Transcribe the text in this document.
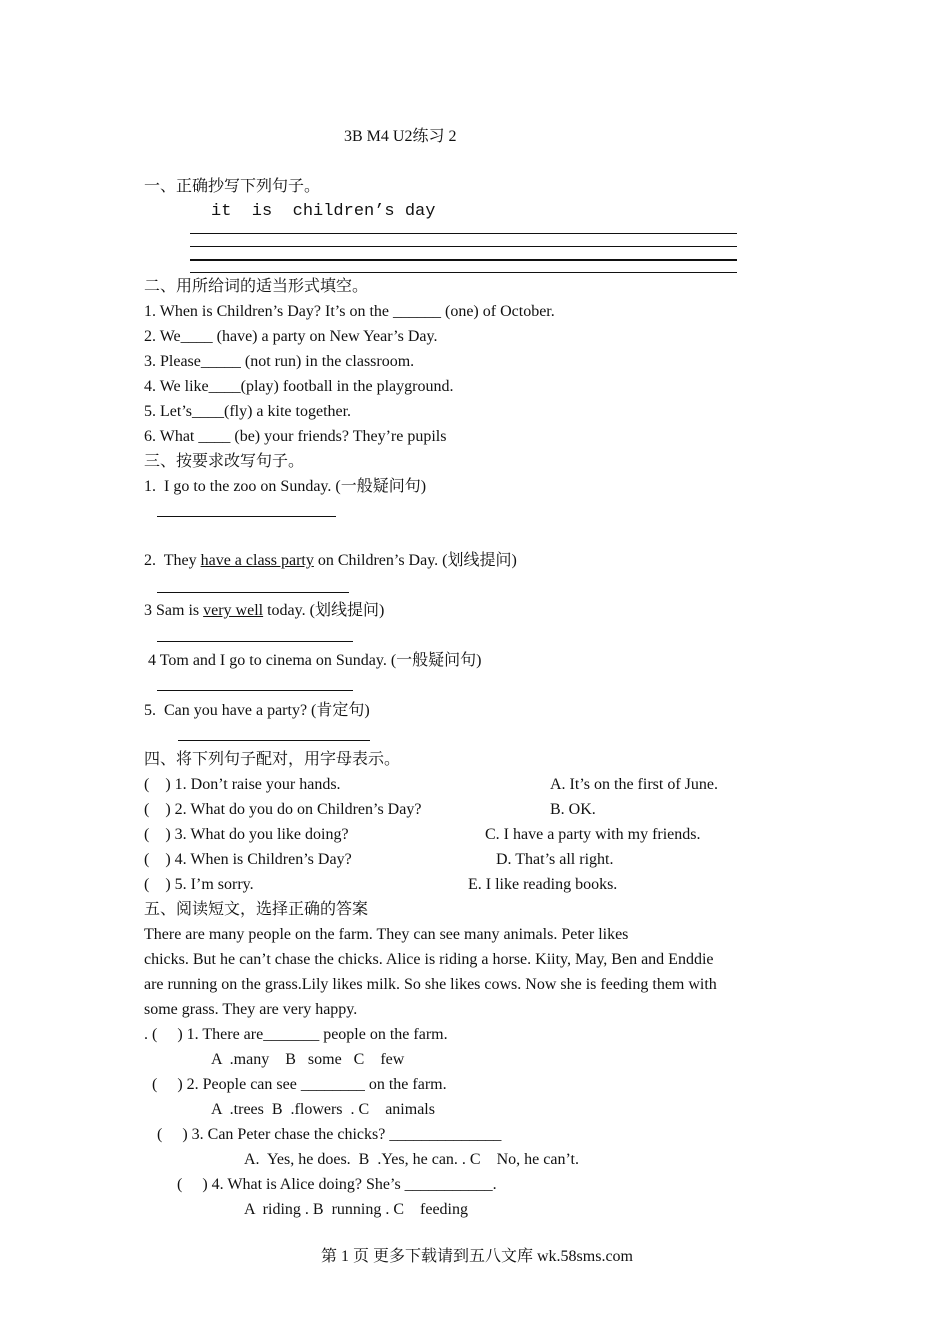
3B M4 U2练习 2
一、正确抄写下列句子。
it  is  children’s day
二、用所给词的适当形式填空。
1. When is Children’s Day? It’s on the ______ (one) of October.
2. We____ (have) a party on New Year’s Day.
3. Please_____ (not run) in the classroom.
4. We like____(play) football in the playground.
5. Let’s____(fly) a kite together.
6. What ____ (be) your friends? They’re pupils
三、按要求改写句子。
1.  I go to the zoo on Sunday. (一般疑问句)
2.  They have a class party on Children’s Day. (划线提问)
3 Sam is very well today. (划线提问)
4 Tom and I go to cinema on Sunday. (一般疑问句)
5.  Can you have a party? (肯定句)
四、将下列句子配对，用字母表示。
(    ) 1. Don’t raise your hands.	A. It’s on the first of June.
(    ) 2. What do you do on Children’s Day?	B. OK.
(    ) 3. What do you like doing?	C. I have a party with my friends.
(    ) 4. When is Children’s Day?	D. That’s all right.
(    ) 5. I’m sorry.	E. I like reading books.
五、阅读短文，选择正确的答案
There are many people on the farm. They can see many animals. Peter likes
chicks. But he can’t chase the chicks. Alice is riding a horse. Kiity, May, Ben and Enddie
are running on the grass.Lily likes milk. So she likes cows. Now she is feeding them with
some grass. They are very happy.
. (     ) 1. There are_______ people on the farm.
A  .many    B   some   C    few
(     ) 2. People can see ________ on the farm.
A  .trees  B  .flowers  . C    animals
(     ) 3. Can Peter chase the chicks? ______________
A.  Yes, he does.  B  .Yes, he can. . C    No, he can’t.
(     ) 4. What is Alice doing? She’s ___________.
A  riding . B  running . C    feeding
第 1 页 更多下载请到五八文库 wk.58sms.com
